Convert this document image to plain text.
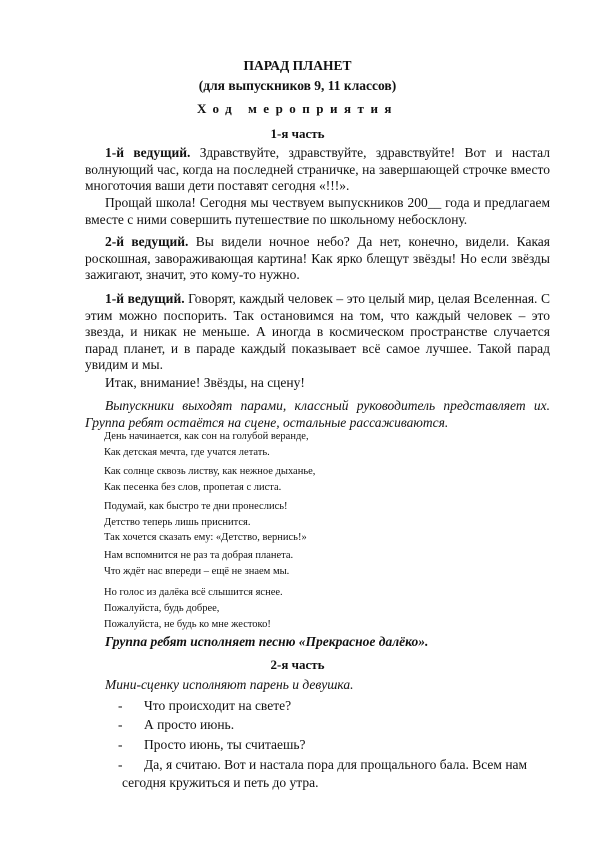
ПАРАД ПЛАНЕТ
(для выпускников 9, 11 классов)
Ход мероприятия
1-я часть

1-й ведущий. Здравствуйте, здравствуйте, здравствуйте! Вот и настал волнующий час, когда на последней страничке, на завершающей строчке вместо многоточия ваши дети поставят сегодня «!!!».

Прощай школа! Сегодня мы чествуем выпускников 200__ года и предлагаем вместе с ними совершить путешествие по школьному небосклону.

2-й ведущий. Вы видели ночное небо? Да нет, конечно, видели. Какая роскошная, завораживающая картина! Как ярко блещут звёзды! Но если звёзды зажигают, значит, это кому-то нужно.

1-й ведущий. Говорят, каждый человек – это целый мир, целая Вселенная. С этим можно поспорить. Так остановимся на том, что каждый человек – это звезда, и никак не меньше. А иногда в космическом пространстве случается парад планет, и в параде каждый показывает всё самое лучшее. Такой парад увидим и мы.

Итак, внимание! Звёзды, на сцену!

Выпускники выходят парами, классный руководитель представляет их. Группа ребят остаётся на сцене, остальные рассаживаются.

День начинается, как сон на голубой веранде,
Как детская мечта, где учатся летать.
Как солнце сквозь листву, как нежное дыханье,
Как песенка без слов, пропетая с листа.
Подумай, как быстро те дни пронеслись!
Детство теперь лишь приснится.
Так хочется сказать ему: «Детство, вернись!»
Нам вспомнится не раз та добрая планета.
Что ждёт нас впереди – ещё не знаем мы.
Но голос из далёка всё слышится яснее.
Пожалуйста, будь добрее,
Пожалуйста, не будь ко мне жестоко!

Группа ребят исполняет песню «Прекрасное далёко».

2-я часть

Мини-сценку исполняют парень и девушка.

- Что происходит на свете?

- А просто июнь.

- Просто июнь, ты считаешь?

- Да, я считаю. Вот и настала пора для прощального бала. Всем нам

сегодня кружиться и петь до утра.
